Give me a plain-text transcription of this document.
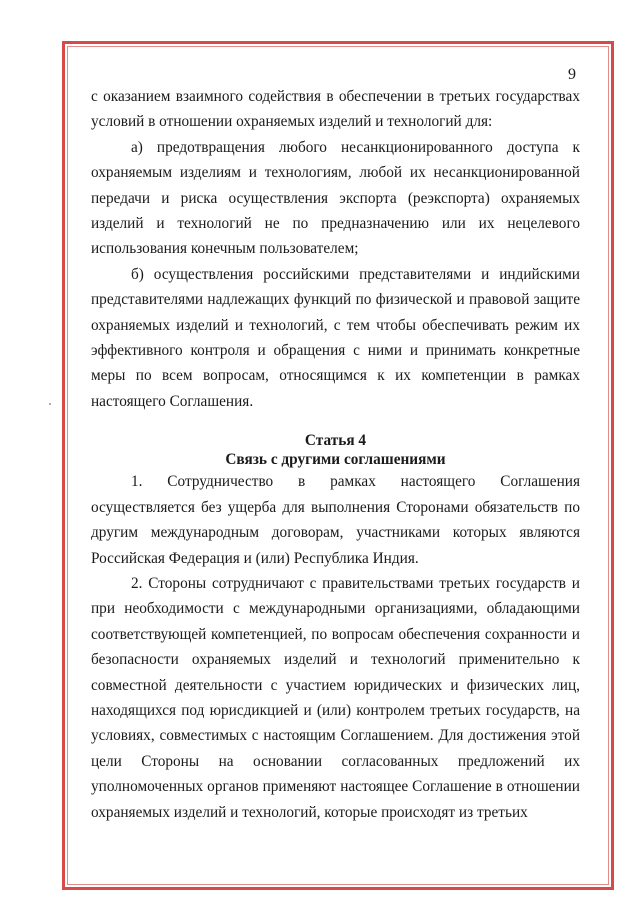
9

с оказанием взаимного содействия в обеспечении в третьих государствах условий в отношении охраняемых изделий и технологий для:

а) предотвращения любого несанкционированного доступа к охраняемым изделиям и технологиям, любой их несанкционированной передачи и риска осуществления экспорта (реэкспорта) охраняемых изделий и технологий не по предназначению или их нецелевого использования конечным пользователем;

б) осуществления российскими представителями и индийскими представителями надлежащих функций по физической и правовой защите охраняемых изделий и технологий, с тем чтобы обеспечивать режим их эффективного контроля и обращения с ними и принимать конкретные меры по всем вопросам, относящимся к их компетенции в рамках настоящего Соглашения.

Статья 4
Связь с другими соглашениями

1. Сотрудничество в рамках настоящего Соглашения осуществляется без ущерба для выполнения Сторонами обязательств по другим международным договорам, участниками которых являются Российская Федерация и (или) Республика Индия.

2. Стороны сотрудничают с правительствами третьих государств и при необходимости с международными организациями, обладающими соответствующей компетенцией, по вопросам обеспечения сохранности и безопасности охраняемых изделий и технологий применительно к совместной деятельности с участием юридических и физических лиц, находящихся под юрисдикцией и (или) контролем третьих государств, на условиях, совместимых с настоящим Соглашением. Для достижения этой цели Стороны на основании согласованных предложений их уполномоченных органов применяют настоящее Соглашение в отношении охраняемых изделий и технологий, которые происходят из третьих
